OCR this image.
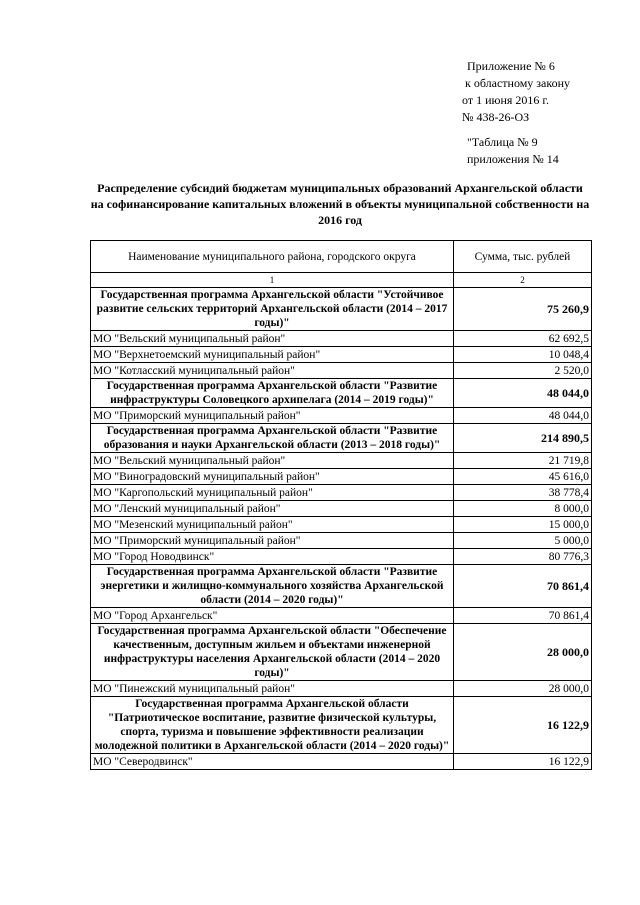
Приложение № 6
к областному закону
от 1 июня 2016 г.
№ 438-26-ОЗ
"Таблица № 9
приложения № 14
Распределение субсидий бюджетам муниципальных образований Архангельской области на софинансирование капитальных вложений в объекты муниципальной собственности на 2016 год
Наименование муниципального района, городского округа	Сумма, тыс. рублей
1	2
Государственная программа Архангельской области "Устойчивое развитие сельских территорий Архангельской области (2014 – 2017 годы)"	75 260,9
МО "Вельский муниципальный район"	62 692,5
МО "Верхнетоемский муниципальный район"	10 048,4
МО "Котласский муниципальный район"	2 520,0
Государственная программа Архангельской области "Развитие инфраструктуры Соловецкого архипелага (2014 – 2019 годы)"	48 044,0
МО "Приморский муниципальный район"	48 044,0
Государственная программа Архангельской области "Развитие образования и науки Архангельской области (2013 – 2018 годы)"	214 890,5
МО "Вельский муниципальный район"	21 719,8
МО "Виноградовский муниципальный район"	45 616,0
МО "Каргопольский муниципальный район"	38 778,4
МО "Ленский муниципальный район"	8 000,0
МО "Мезенский муниципальный район"	15 000,0
МО "Приморский муниципальный район"	5 000,0
МО "Город Новодвинск"	80 776,3
Государственная программа Архангельской области "Развитие энергетики и жилищно-коммунального хозяйства Архангельской области (2014 – 2020 годы)"	70 861,4
МО "Город Архангельск"	70 861,4
Государственная программа Архангельской области "Обеспечение качественным, доступным жильем и объектами инженерной инфраструктуры населения Архангельской области (2014 – 2020 годы)"	28 000,0
МО "Пинежский муниципальный район"	28 000,0
Государственная программа Архангельской области "Патриотическое воспитание, развитие физической культуры, спорта, туризма и повышение эффективности реализации молодежной политики в Архангельской области (2014 – 2020 годы)"	16 122,9
МО "Северодвинск"	16 122,9
